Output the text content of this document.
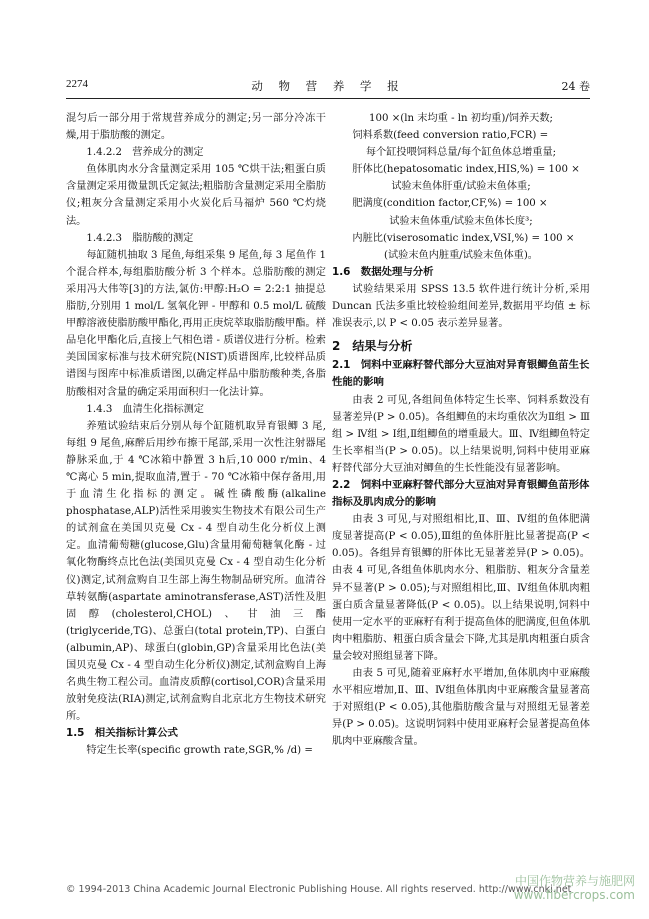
2274	动 物 营 养 学 报	24 卷
混匀后一部分用于常规营养成分的测定;另一部分冷冻干燥,用于脂肪酸的测定。
1.4.2.2　营养成分的测定
鱼体肌肉水分含量测定采用 105 ℃烘干法;粗蛋白质含量测定采用微量凯氏定氮法;粗脂肪含量测定采用全脂肪仪;粗灰分含量测定采用小火炭化后马福炉 560 ℃灼烧法。
1.4.2.3　脂肪酸的测定
每缸随机抽取 3 尾鱼,每组采集 9 尾鱼,每 3 尾鱼作 1 个混合样本,每组脂肪酸分析 3 个样本。总脂肪酸的测定采用冯大伟等[3]的方法,氯仿:甲醇:H₂O = 2:2:1 抽提总脂肪,分别用 1 mol/L 氢氧化钾 - 甲醇和 0.5 mol/L 硫酸甲醇溶液使脂肪酸甲酯化,再用正庚烷萃取脂肪酸甲酯。样品皂化甲酯化后,直接上气相色谱 - 质谱仪进行分析。检索美国国家标准与技术研究院(NIST)质谱图库,比较样品质谱图与图库中标准质谱图,以确定样品中脂肪酸种类,各脂肪酸相对含量的确定采用面积归一化法计算。
1.4.3　血清生化指标测定
养殖试验结束后分别从每个缸随机取异育银鲫 3 尾,每组 9 尾鱼,麻醉后用纱布擦干尾部,采用一次性注射器尾静脉采血,于 4 ℃冰箱中静置 3 h后,10 000 r/min、4 ℃离心 5 min,提取血清,置于 - 70 ℃冰箱中保存备用,用于血清生化指标的测定。碱性磷酸酶(alkaline phosphatase,ALP)活性采用骏实生物技术有限公司生产的试剂盒在美国贝克曼 Cx - 4 型自动生化分析仪上测定。血清葡萄糖(glucose,Glu)含量用葡萄糖氧化酶 - 过氧化物酶终点比色法(美国贝克曼 Cx - 4 型自动生化分析仪)测定,试剂盒购自卫生部上海生物制品研究所。血清谷草转氨酶(aspartate aminotransferase,AST)活性及胆固醇(cholesterol,CHOL)、甘油三酯(triglyceride,TG)、总蛋白(total protein,TP)、白蛋白(albumin,AP)、球蛋白(globin,GP)含量采用比色法(美国贝克曼 Cx - 4 型自动生化分析仪)测定,试剂盒购自上海名典生物工程公司。血清皮质醇(cortisol,COR)含量采用放射免疫法(RIA)测定,试剂盒购自北京北方生物技术研究所。
1.5　相关指标计算公式
特定生长率(specific growth rate,SGR,% /d) =
100 ×(ln 末均重 - ln 初均重)/饲养天数;
饲料系数(feed conversion ratio,FCR) =
每个缸投喂饲料总量/每个缸鱼体总增重量;
肝体比(hepatosomatic index,HIS,%) = 100 ×
试验末鱼体肝重/试验末鱼体重;
肥满度(condition factor,CF,%) = 100 ×
试验末鱼体重/试验末鱼体长度³;
内脏比(viserosomatic index,VSI,%) = 100 ×
(试验末鱼内脏重/试验末鱼体重)。
1.6　数据处理与分析
试验结果采用 SPSS 13.5 软件进行统计分析,采用 Duncan 氏法多重比较检验组间差异,数据用平均值 ± 标准误表示,以 P < 0.05 表示差异显著。
2　结果与分析
2.1　饲料中亚麻籽替代部分大豆油对异育银鲫鱼苗生长性能的影响
由表 2 可见,各组间鱼体特定生长率、饲料系数没有显著差异(P > 0.05)。各组鲫鱼的末均重依次为Ⅱ组 > Ⅲ组 > Ⅳ组 > Ⅰ组,Ⅱ组鲫鱼的增重最大。Ⅲ、Ⅳ组鲫鱼特定生长率相当(P > 0.05)。以上结果说明,饲料中使用亚麻籽替代部分大豆油对鲫鱼的生长性能没有显著影响。
2.2　饲料中亚麻籽替代部分大豆油对异育银鲫鱼苗形体指标及肌肉成分的影响
由表 3 可见,与对照组相比,Ⅱ、Ⅲ、Ⅳ组的鱼体肥满度显著提高(P < 0.05),Ⅲ组的鱼体肝脏比显著提高(P < 0.05)。各组异育银鲫的肝体比无显著差异(P > 0.05)。由表 4 可见,各组鱼体肌肉水分、粗脂肪、粗灰分含量差异不显著(P > 0.05);与对照组相比,Ⅲ、Ⅳ组鱼体肌肉粗蛋白质含量显著降低(P < 0.05)。以上结果说明,饲料中使用一定水平的亚麻籽有利于提高鱼体的肥满度,但鱼体肌肉中粗脂肪、粗蛋白质含量会下降,尤其是肌肉粗蛋白质含量会较对照组显著下降。
由表 5 可见,随着亚麻籽水平增加,鱼体肌肉中亚麻酸水平相应增加,Ⅱ、Ⅲ、Ⅳ组鱼体肌肉中亚麻酸含量显著高于对照组(P < 0.05),其他脂肪酸含量与对照组无显著差异(P > 0.05)。这说明饲料中使用亚麻籽会显著提高鱼体肌肉中亚麻酸含量。
© 1994-2013 China Academic Journal Electronic Publishing House. All rights reserved. http://www.cnki.net
中国作物营养与施肥网
www.fibercrops.com
